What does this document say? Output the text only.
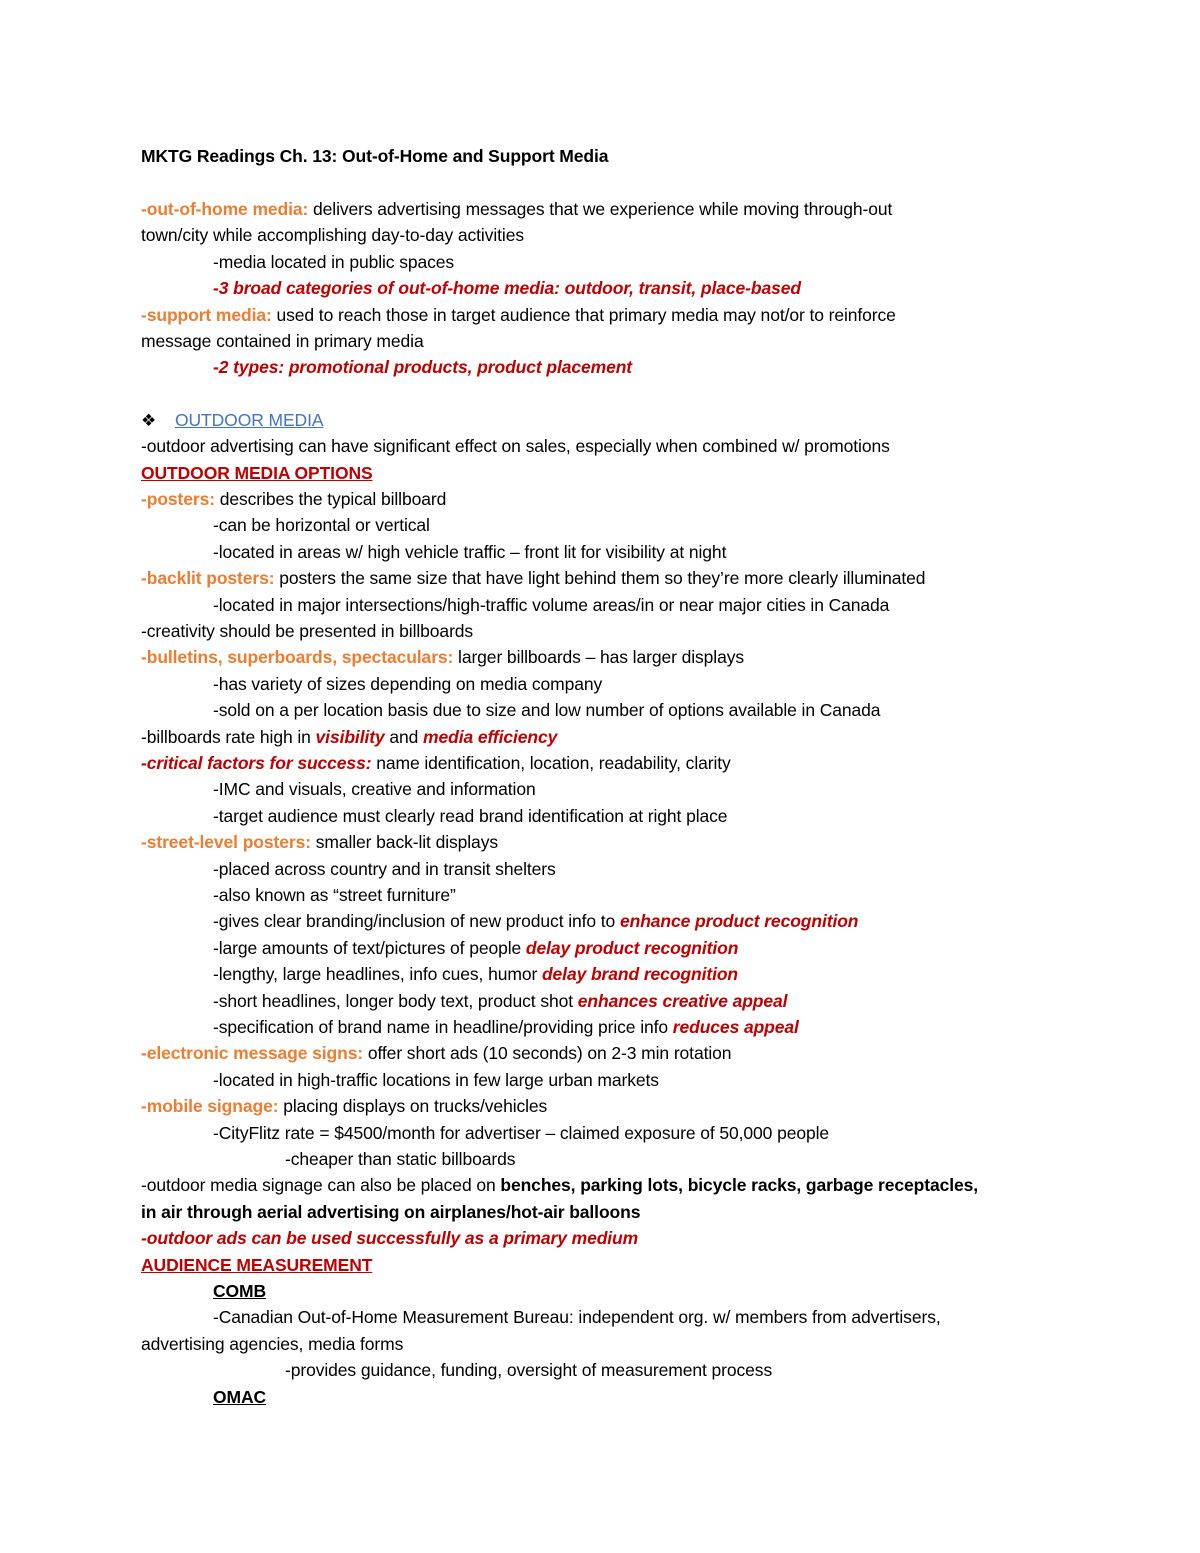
MKTG Readings Ch. 13: Out-of-Home and Support Media
-out-of-home media: delivers advertising messages that we experience while moving through-out
town/city while accomplishing day-to-day activities
-media located in public spaces
-3 broad categories of out-of-home media: outdoor, transit, place-based
-support media: used to reach those in target audience that primary media may not/or to reinforce
message contained in primary media
-2 types: promotional products, product placement
❖ OUTDOOR MEDIA
-outdoor advertising can have significant effect on sales, especially when combined w/ promotions
OUTDOOR MEDIA OPTIONS
-posters: describes the typical billboard
-can be horizontal or vertical
-located in areas w/ high vehicle traffic – front lit for visibility at night
-backlit posters: posters the same size that have light behind them so they’re more clearly illuminated
-located in major intersections/high-traffic volume areas/in or near major cities in Canada
-creativity should be presented in billboards
-bulletins, superboards, spectaculars: larger billboards – has larger displays
-has variety of sizes depending on media company
-sold on a per location basis due to size and low number of options available in Canada
-billboards rate high in visibility and media efficiency
-critical factors for success: name identification, location, readability, clarity
-IMC and visuals, creative and information
-target audience must clearly read brand identification at right place
-street-level posters: smaller back-lit displays
-placed across country and in transit shelters
-also known as “street furniture”
-gives clear branding/inclusion of new product info to enhance product recognition
-large amounts of text/pictures of people delay product recognition
-lengthy, large headlines, info cues, humor delay brand recognition
-short headlines, longer body text, product shot enhances creative appeal
-specification of brand name in headline/providing price info reduces appeal
-electronic message signs: offer short ads (10 seconds) on 2-3 min rotation
-located in high-traffic locations in few large urban markets
-mobile signage: placing displays on trucks/vehicles
-CityFlitz rate = $4500/month for advertiser – claimed exposure of 50,000 people
-cheaper than static billboards
-outdoor media signage can also be placed on benches, parking lots, bicycle racks, garbage receptacles,
in air through aerial advertising on airplanes/hot-air balloons
-outdoor ads can be used successfully as a primary medium
AUDIENCE MEASUREMENT
COMB
-Canadian Out-of-Home Measurement Bureau: independent org. w/ members from advertisers,
advertising agencies, media forms
-provides guidance, funding, oversight of measurement process
OMAC
